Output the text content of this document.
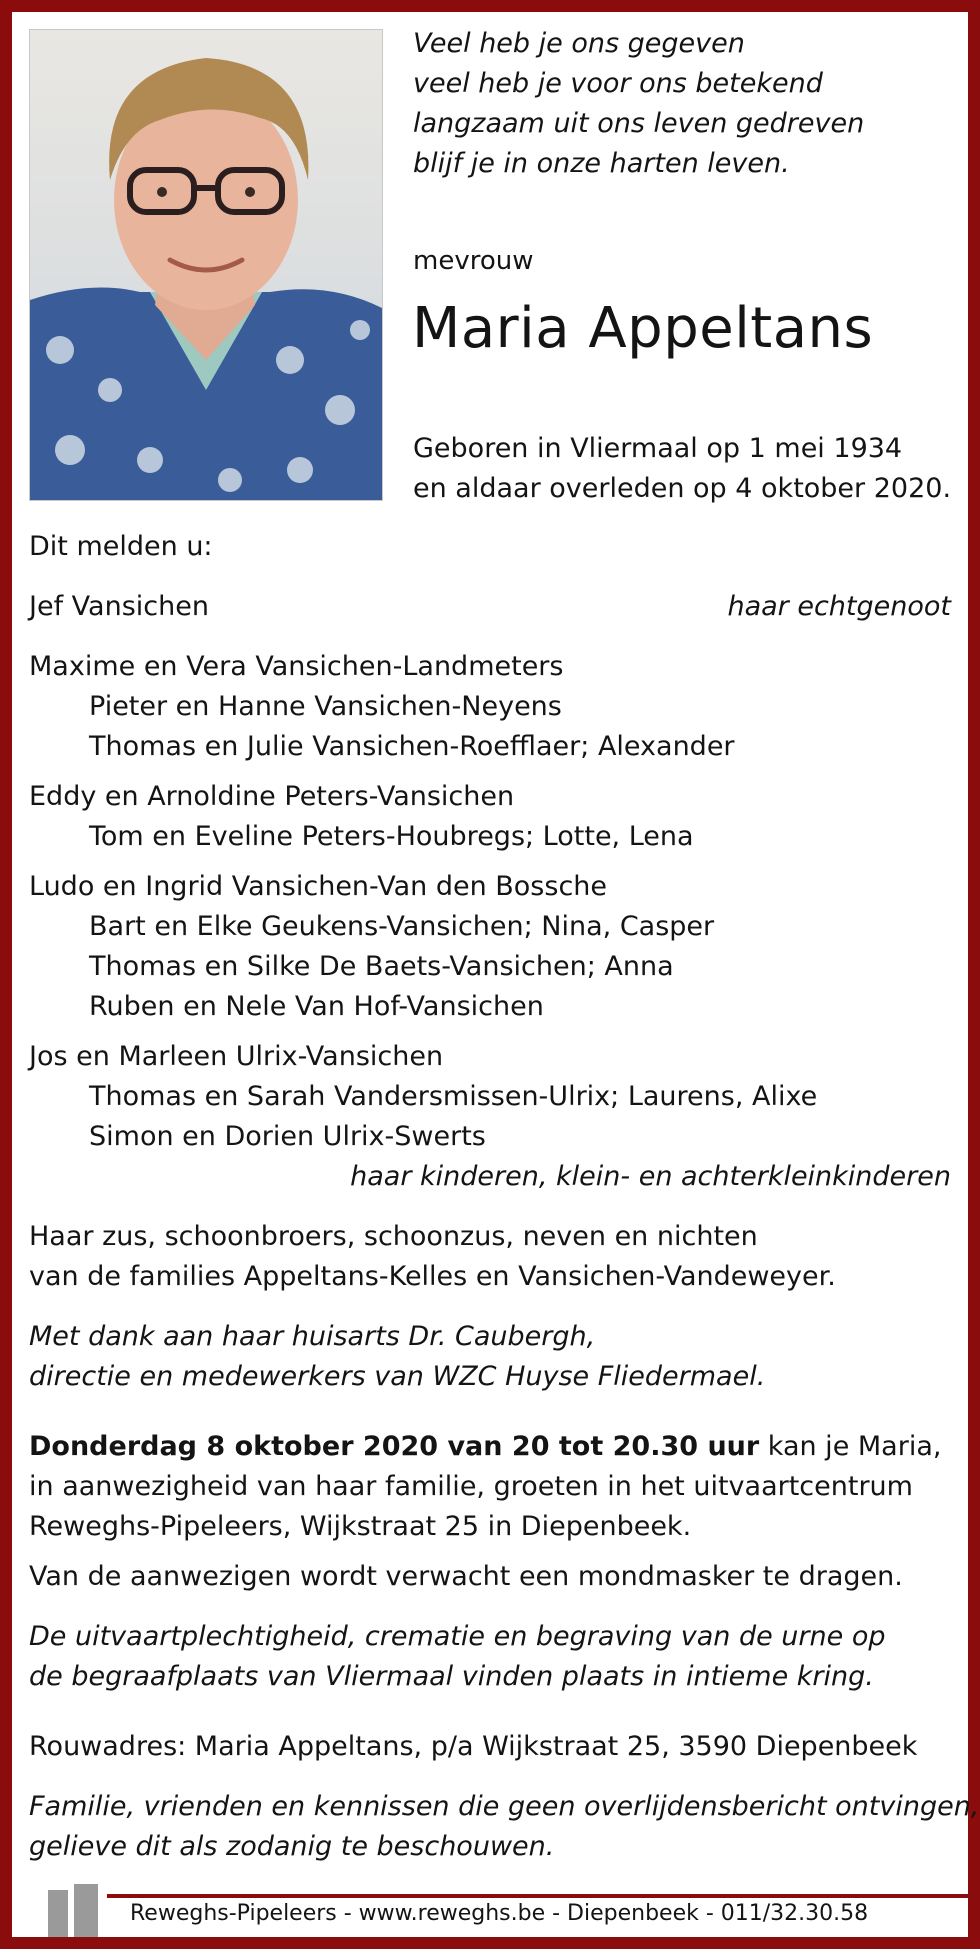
Veel heb je ons gegeven
veel heb je voor ons betekend
langzaam uit ons leven gedreven
blijf je in onze harten leven.
mevrouw
Maria Appeltans
Geboren in Vliermaal op 1 mei 1934
en aldaar overleden op 4 oktober 2020.
Dit melden u:
Jef Vansichen	haar echtgenoot
Maxime en Vera Vansichen-Landmeters
Pieter en Hanne Vansichen-Neyens
Thomas en Julie Vansichen-Roefflaer; Alexander
Eddy en Arnoldine Peters-Vansichen
Tom en Eveline Peters-Houbregs; Lotte, Lena
Ludo en Ingrid Vansichen-Van den Bossche
Bart en Elke Geukens-Vansichen; Nina, Casper
Thomas en Silke De Baets-Vansichen; Anna
Ruben en Nele Van Hof-Vansichen
Jos en Marleen Ulrix-Vansichen
Thomas en Sarah Vandersmissen-Ulrix; Laurens, Alixe
Simon en Dorien Ulrix-Swerts
haar kinderen, klein- en achterkleinkinderen
Haar zus, schoonbroers, schoonzus, neven en nichten
van de families Appeltans-Kelles en Vansichen-Vandeweyer.
Met dank aan haar huisarts Dr. Caubergh,
directie en medewerkers van WZC Huyse Fliedermael.
Donderdag 8 oktober 2020 van 20 tot 20.30 uur kan je Maria,
in aanwezigheid van haar familie, groeten in het uitvaartcentrum
Reweghs-Pipeleers, Wijkstraat 25 in Diepenbeek.
Van de aanwezigen wordt verwacht een mondmasker te dragen.
De uitvaartplechtigheid, crematie en begraving van de urne op
de begraafplaats van Vliermaal vinden plaats in intieme kring.
Rouwadres: Maria Appeltans, p/a Wijkstraat 25, 3590 Diepenbeek
Familie, vrienden en kennissen die geen overlijdensbericht ontvingen,
gelieve dit als zodanig te beschouwen.
Reweghs-Pipeleers - www.reweghs.be - Diepenbeek - 011/32.30.58
